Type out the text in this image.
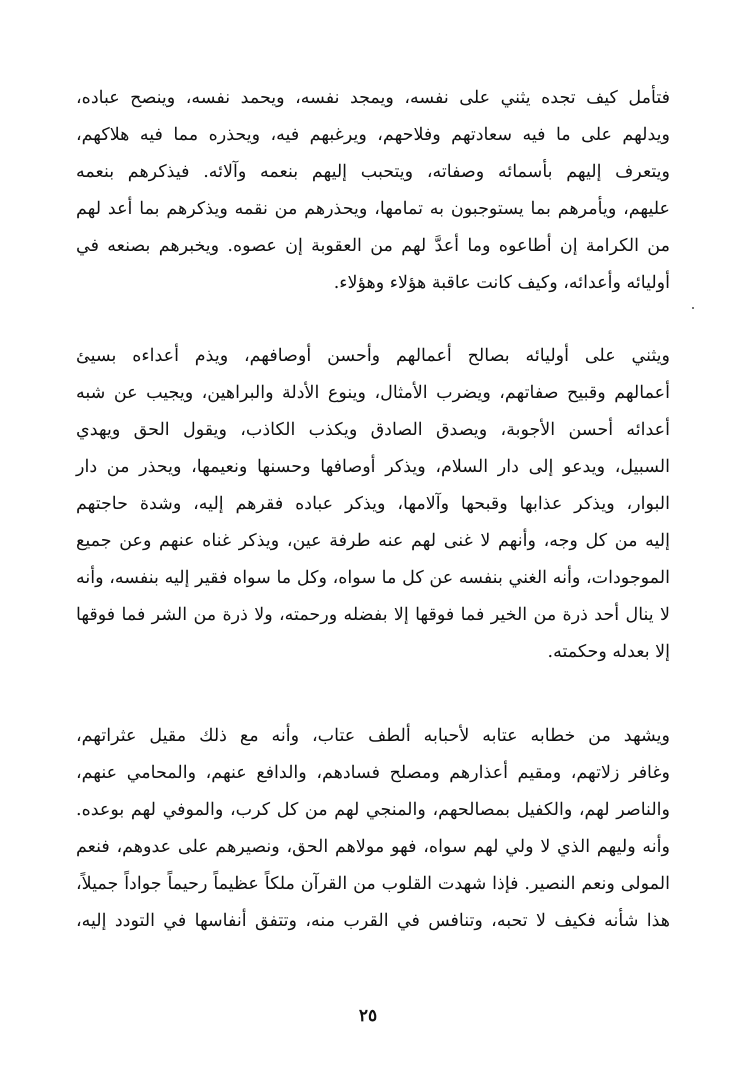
فتأمل كيف تجده يثني على نفسه، ويمجد نفسه، ويحمد نفسه، وينصح عباده،
ويدلهم على ما فيه سعادتهم وفلاحهم، ويرغبهم فيه، ويحذره مما فيه هلاكهم،
ويتعرف إليهم بأسمائه وصفاته، ويتحبب إليهم بنعمه وآلائه. فيذكرهم بنعمه
عليهم، ويأمرهم بما يستوجبون به تمامها، ويحذرهم من نقمه ويذكرهم بما أعد لهم
من الكرامة إن أطاعوه وما أعدَّ لهم من العقوبة إن عصوه. ويخبرهم بصنعه في
أوليائه وأعدائه، وكيف كانت عاقبة هؤلاء وهؤلاء.
ويثني على أوليائه بصالح أعمالهم وأحسن أوصافهم، ويذم أعداءه بسيئ
أعمالهم وقبيح صفاتهم، ويضرب الأمثال، وينوع الأدلة والبراهين، ويجيب عن شبه
أعدائه أحسن الأجوبة، ويصدق الصادق ويكذب الكاذب، ويقول الحق ويهدي
السبيل، ويدعو إلى دار السلام، ويذكر أوصافها وحسنها ونعيمها، ويحذر من دار
البوار، ويذكر عذابها وقبحها وآلامها، ويذكر عباده فقرهم إليه، وشدة حاجتهم
إليه من كل وجه، وأنهم لا غنى لهم عنه طرفة عين، ويذكر غناه عنهم وعن جميع
الموجودات، وأنه الغني بنفسه عن كل ما سواه، وكل ما سواه فقير إليه بنفسه، وأنه
لا ينال أحد ذرة من الخير فما فوقها إلا بفضله ورحمته، ولا ذرة من الشر فما فوقها
إلا بعدله وحكمته.
ويشهد من خطابه عتابه لأحبابه ألطف عتاب، وأنه مع ذلك مقيل عثراتهم،
وغافر زلاتهم، ومقيم أعذارهم ومصلح فسادهم، والدافع عنهم، والمحامي عنهم،
والناصر لهم، والكفيل بمصالحهم، والمنجي لهم من كل كرب، والموفي لهم بوعده.
وأنه وليهم الذي لا ولي لهم سواه، فهو مولاهم الحق، ونصيرهم على عدوهم، فنعم
المولى ونعم النصير. فإذا شهدت القلوب من القرآن ملكاً عظيماً رحيماً جواداً جميلاً،
هذا شأنه فكيف لا تحبه، وتنافس في القرب منه، وتتفق أنفاسها في التودد إليه،
٢٥
